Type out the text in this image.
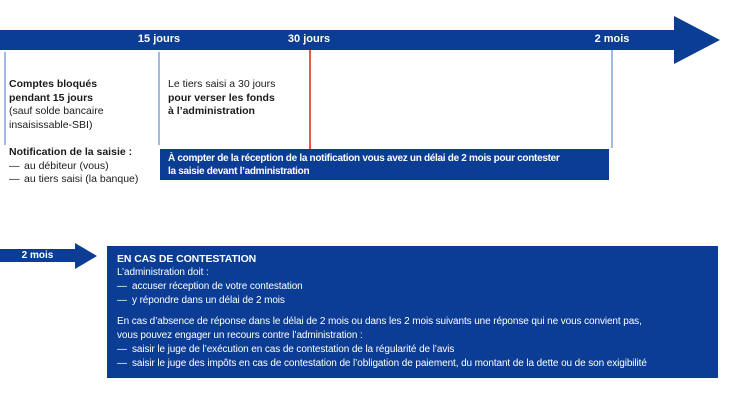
15 jours	30 jours	2 mois
Comptes bloqués
pendant 15 jours
(sauf solde bancaire
insaisissable-SBI)
Le tiers saisi a 30 jours
pour verser les fonds
à l’administration
Notification de la saisie :
— au débiteur (vous)
— au tiers saisi (la banque)
À compter de la réception de la notification vous avez un délai de 2 mois pour contester
la saisie devant l’administration
2 mois	EN CAS DE CONTESTATION
L’administration doit :
— accuser réception de votre contestation
— y répondre dans un délai de 2 mois
En cas d’absence de réponse dans le délai de 2 mois ou dans les 2 mois suivants une réponse qui ne vous convient pas,
vous pouvez engager un recours contre l’administration :
— saisir le juge de l’exécution en cas de contestation de la régularité de l’avis
— saisir le juge des impôts en cas de contestation de l’obligation de paiement, du montant de la dette ou de son exigibilité
